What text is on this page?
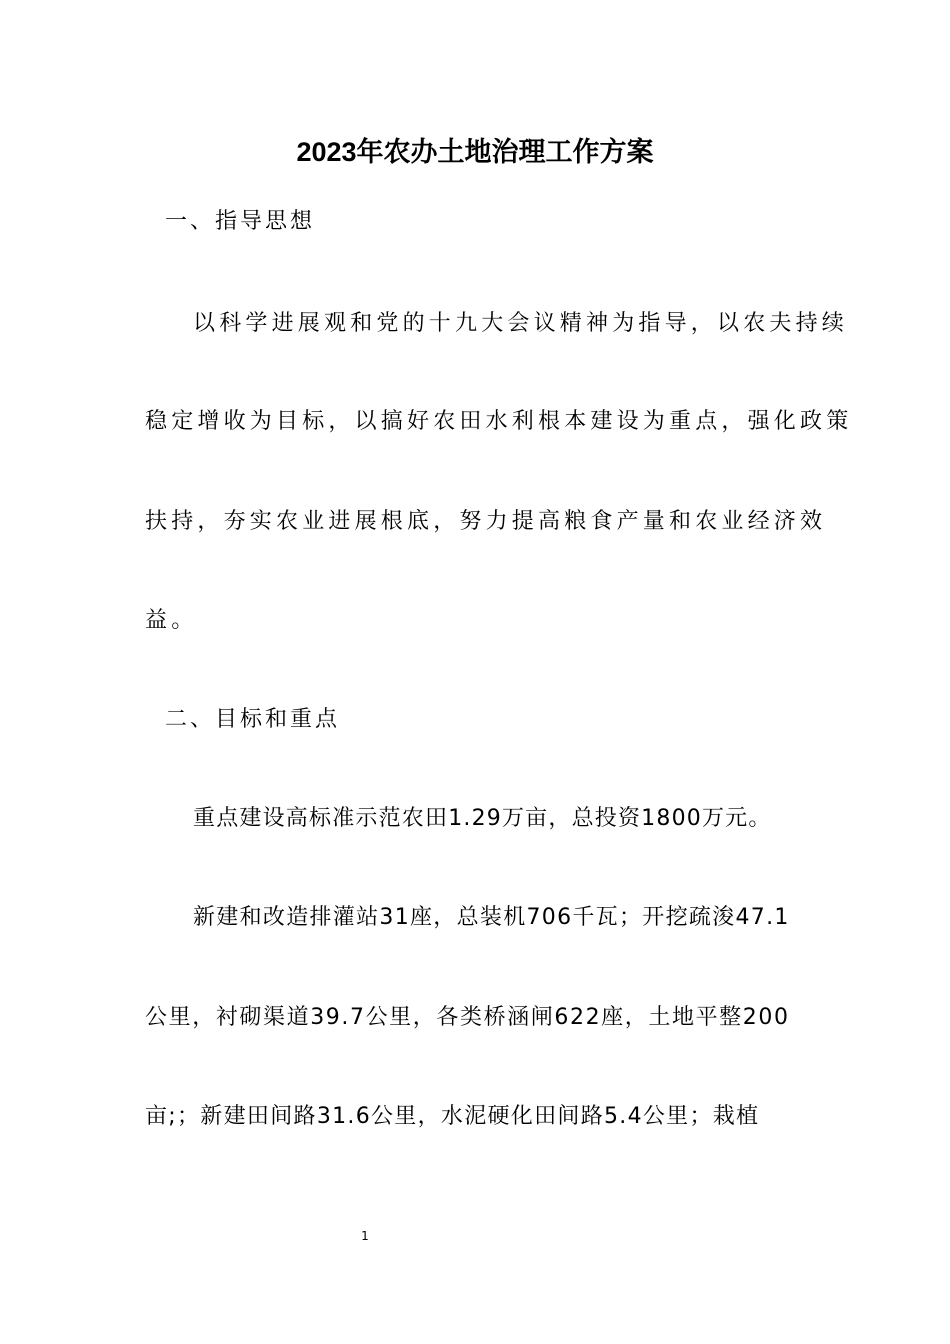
2023年农办土地治理工作方案
一、指导思想
以科学进展观和党的十九大会议精神为指导，以农夫持续
稳定增收为目标，以搞好农田水利根本建设为重点，强化政策
扶持，夯实农业进展根底，努力提高粮食产量和农业经济效
益。
二、目标和重点
重点建设高标准示范农田1.29万亩，总投资1800万元。
新建和改造排灌站31座，总装机706千瓦；开挖疏浚47.1
公里，衬砌渠道39.7公里，各类桥涵闸622座，土地平整200
亩;；新建田间路31.6公里，水泥硬化田间路5.4公里；栽植
1
